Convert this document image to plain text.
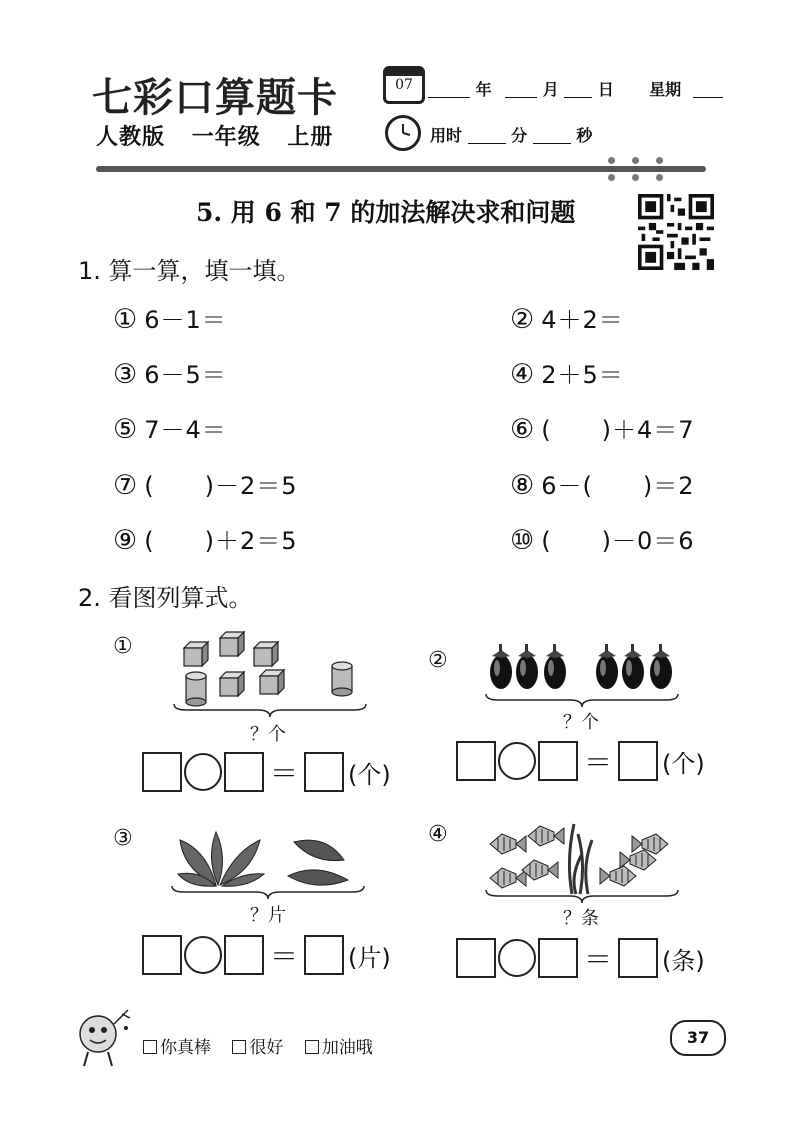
七彩口算题卡
人教版 一年级 上册
07	年	月 日 星期
用时	分	秒
5. 用 6 和 7 的加法解决求和问题
1. 算一算，填一填。
① 6－1＝	② 4＋2＝
③ 6－5＝	④ 2＋5＝
⑤ 7－4＝	⑥ (　　)＋4＝7
⑦ (　　)－2＝5	⑧ 6－(　　)＝2
⑨ (　　)＋2＝5	⑩ (　　)－0＝6
2. 看图列算式。
①
？个
＝ (个)
②
？个
＝ (个)
③
？片
＝ (片)
④
？条
＝ (条)
你真棒 很好 加油哦
37
